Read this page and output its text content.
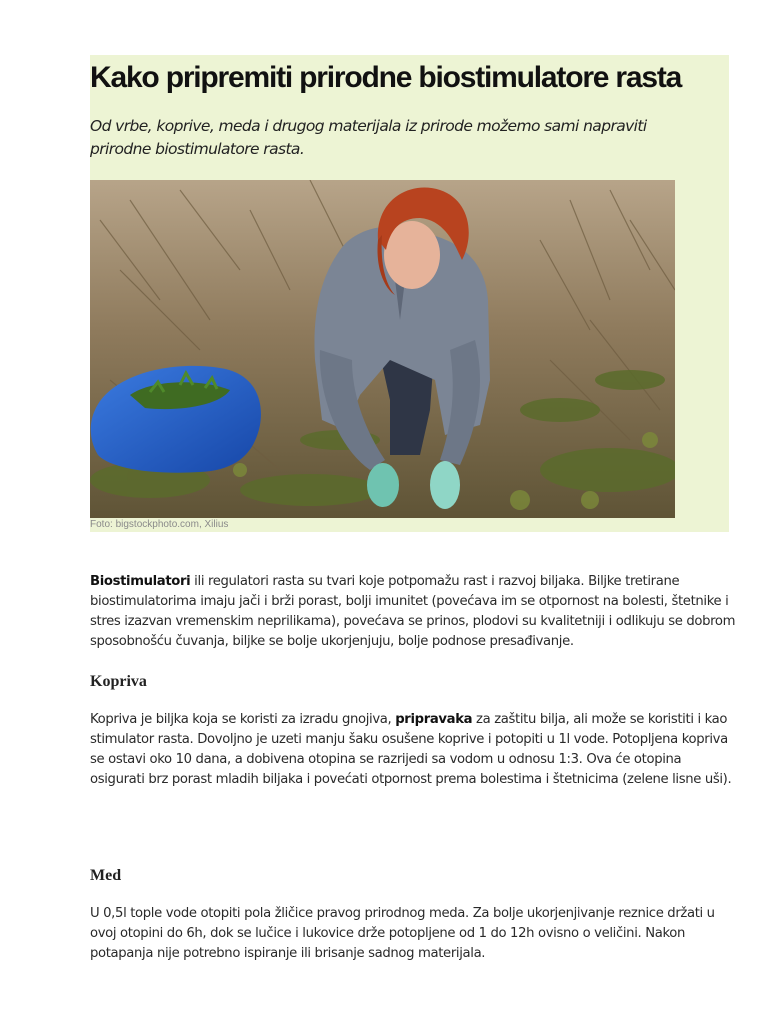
Kako pripremiti prirodne biostimulatore rasta

Od vrbe, koprive, meda i drugog materijala iz prirode možemo sami napraviti prirodne biostimulatore rasta.

Foto: bigstockphoto.com, Xilius

Biostimulatori ili regulatori rasta su tvari koje potpomažu rast i razvoj biljaka. Biljke tretirane biostimulatorima imaju jači i brži porast, bolji imunitet (povećava im se otpornost na bolesti, štetnike i stres izazvan vremenskim neprilikama), povećava se prinos, plodovi su kvalitetniji i odlikuju se dobrom sposobnošću čuvanja, biljke se bolje ukorjenjuju, bolje podnose presađivanje.

Kopriva

Kopriva je biljka koja se koristi za izradu gnojiva, pripravaka za zaštitu bilja, ali može se koristiti i kao stimulator rasta. Dovoljno je uzeti manju šaku osušene koprive i potopiti u 1l vode. Potopljena kopriva se ostavi oko 10 dana, a dobivena otopina se razrijedi sa vodom u odnosu 1:3. Ova će otopina osigurati brz porast mladih biljaka i povećati otpornost prema bolestima i štetnicima (zelene lisne uši).

Med

U 0,5l tople vode otopiti pola žličice pravog prirodnog meda. Za bolje ukorjenjivanje reznice držati u ovoj otopini do 6h, dok se lučice i lukovice drže potopljene od 1 do 12h ovisno o veličini. Nakon potapanja nije potrebno ispiranje ili brisanje sadnog materijala.
